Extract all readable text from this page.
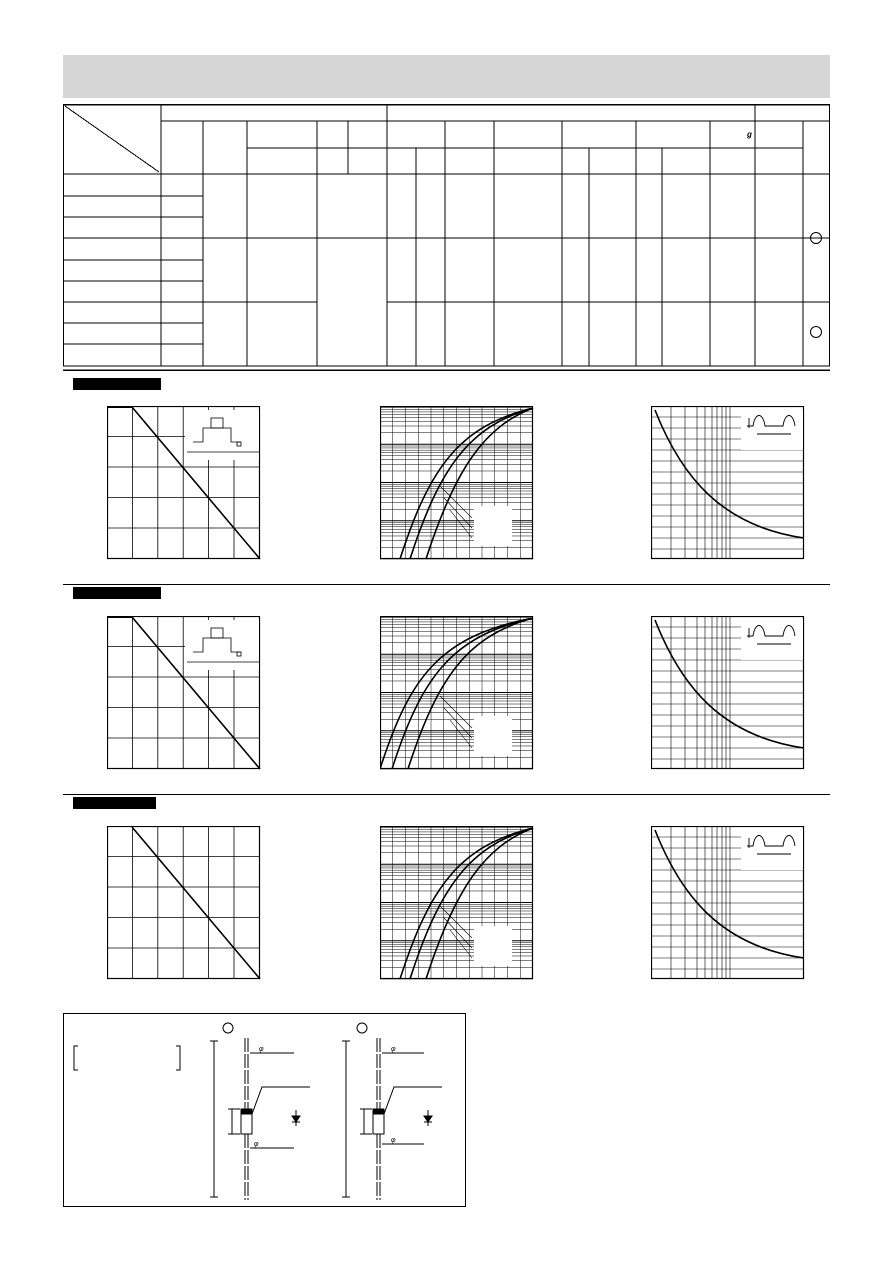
g
φ
φ
φ
φ
